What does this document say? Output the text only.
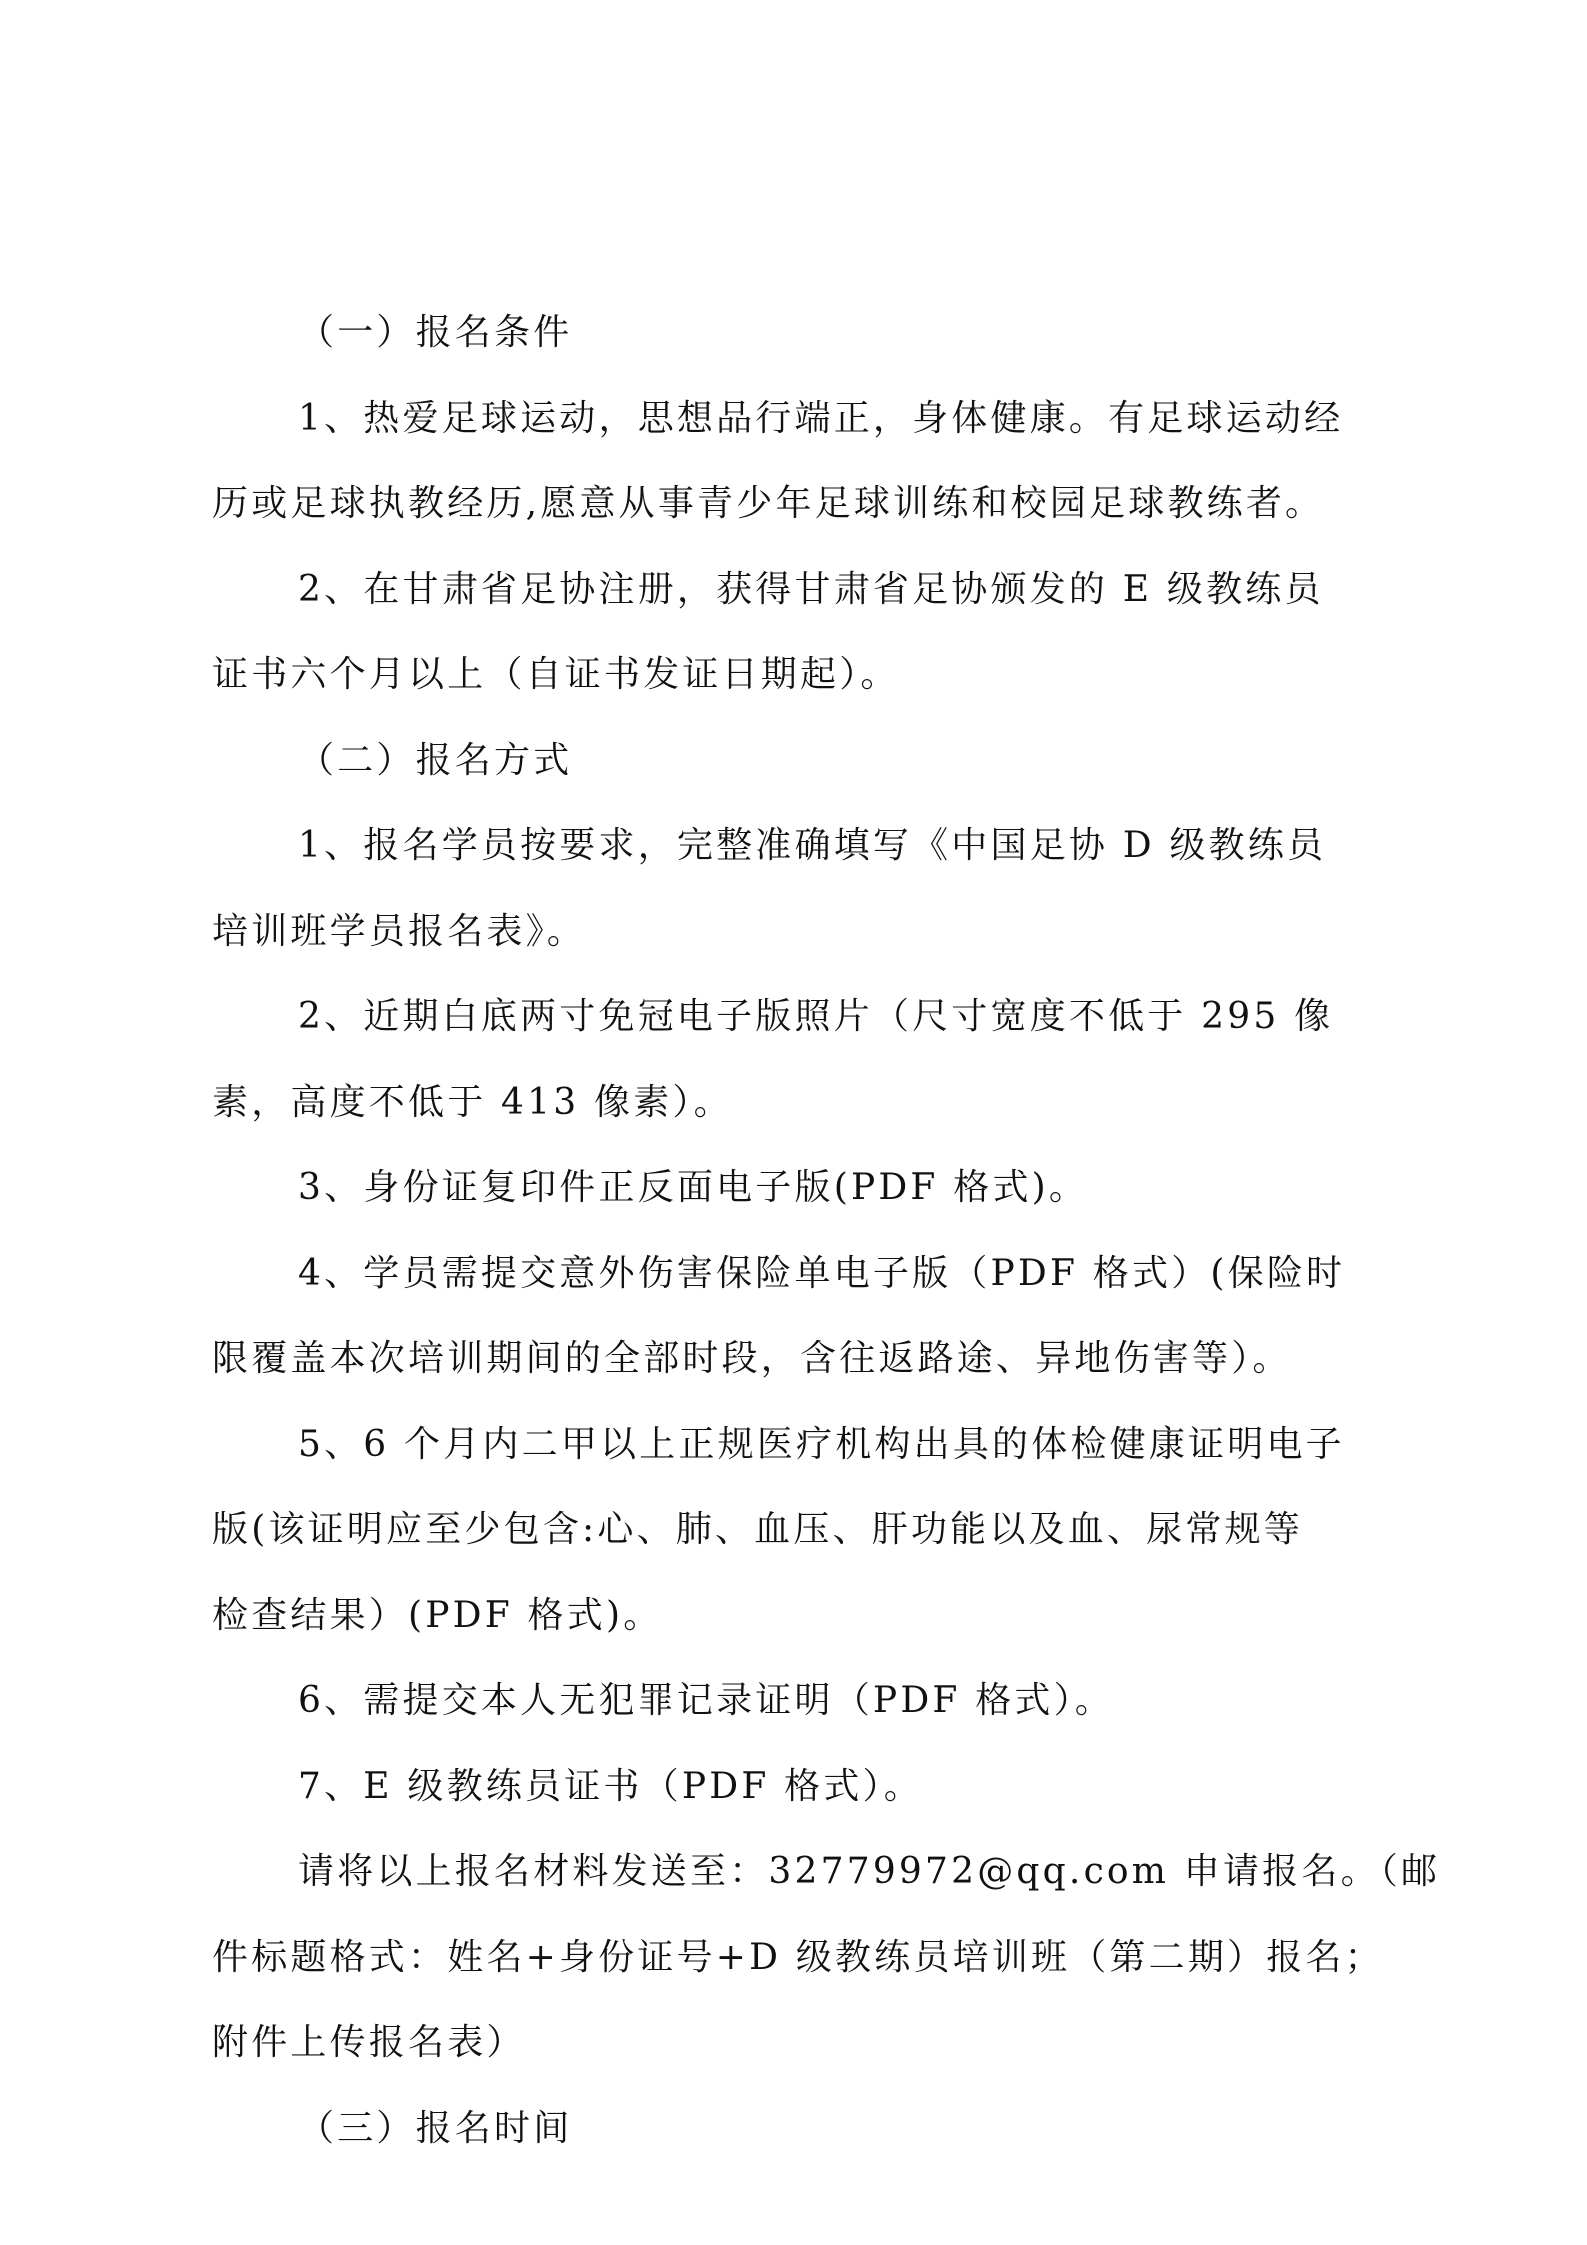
（一）报名条件
1、热爱足球运动，思想品行端正，身体健康。有足球运动经
历或足球执教经历,愿意从事青少年足球训练和校园足球教练者。
2、在甘肃省足协注册，获得甘肃省足协颁发的 E 级教练员
证书六个月以上（自证书发证日期起）。
（二）报名方式
1、报名学员按要求，完整准确填写《中国足协 D 级教练员
培训班学员报名表》。
2、近期白底两寸免冠电子版照片（尺寸宽度不低于 295 像
素，高度不低于 413 像素）。
3、身份证复印件正反面电子版(PDF 格式)。
4、学员需提交意外伤害保险单电子版（PDF 格式）(保险时
限覆盖本次培训期间的全部时段，含往返路途、异地伤害等）。
5、6 个月内二甲以上正规医疗机构出具的体检健康证明电子
版(该证明应至少包含:心、肺、血压、肝功能以及血、尿常规等
检查结果）(PDF 格式)。
6、需提交本人无犯罪记录证明（PDF 格式）。
7、E 级教练员证书（PDF 格式）。
请将以上报名材料发送至：32779972@qq.com 申请报名。（邮
件标题格式：姓名+身份证号+D 级教练员培训班（第二期）报名；
附件上传报名表）
（三）报名时间
